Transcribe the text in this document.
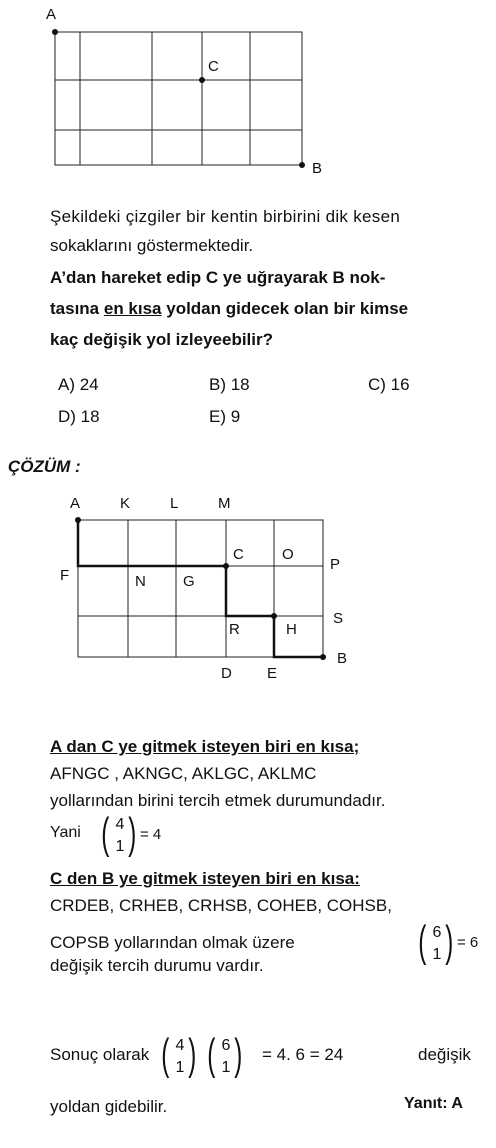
A
C
B
Şekildeki çizgiler bir kentin birbirini dik kesen
sokaklarını göstermektedir.
A’dan hareket edip C ye uğrayarak B nok-
tasına en kısa yoldan gidecek olan bir kimse
kaç değişik yol izleyeebilir?
A) 24	B) 18	C) 16
D) 18	E) 9
ÇÖZÜM :
A	K	L	M
F	N G
C	O
P
R	H
S
D E
B
A dan C ye gitmek isteyen biri en kısa;
AFNGC , AKNGC, AKLGC, AKLMC
yollarından birini tercih etmek durumundadır.
Yani ( 4
1 ) = 4
C den B ye gitmek isteyen biri en kısa:
CRDEB, CRHEB, CRHSB, COHEB, COHSB,
COPSB yollarından olmak üzere	( 6
1 ) = 6
değişik tercih durumu vardır.
Sonuç olarak ( 4
1 ) ( 6
1 ) = 4. 6 = 24	değişik
yoldan gidebilir.	Yanıt: A
